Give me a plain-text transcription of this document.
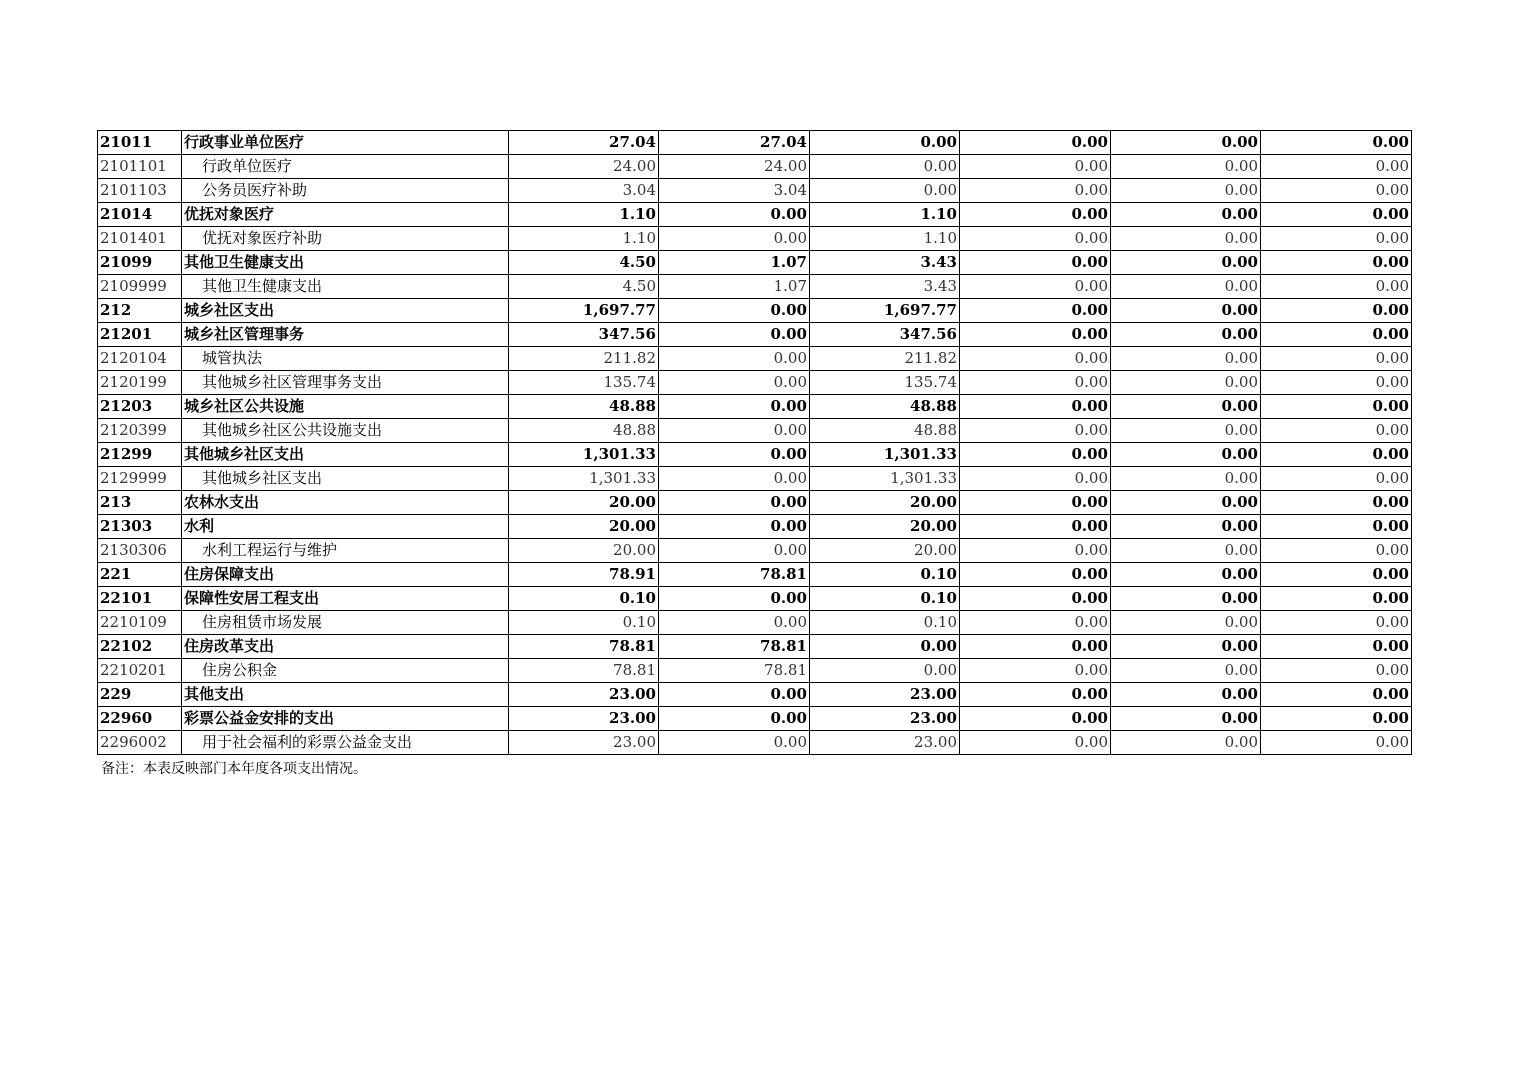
21011	行政事业单位医疗	27.04	27.04	0.00	0.00	0.00	0.00
2101101	行政单位医疗	24.00	24.00	0.00	0.00	0.00	0.00
2101103	公务员医疗补助	3.04	3.04	0.00	0.00	0.00	0.00
21014	优抚对象医疗	1.10	0.00	1.10	0.00	0.00	0.00
2101401	优抚对象医疗补助	1.10	0.00	1.10	0.00	0.00	0.00
21099	其他卫生健康支出	4.50	1.07	3.43	0.00	0.00	0.00
2109999	其他卫生健康支出	4.50	1.07	3.43	0.00	0.00	0.00
212	城乡社区支出	1,697.77	0.00	1,697.77	0.00	0.00	0.00
21201	城乡社区管理事务	347.56	0.00	347.56	0.00	0.00	0.00
2120104	城管执法	211.82	0.00	211.82	0.00	0.00	0.00
2120199	其他城乡社区管理事务支出	135.74	0.00	135.74	0.00	0.00	0.00
21203	城乡社区公共设施	48.88	0.00	48.88	0.00	0.00	0.00
2120399	其他城乡社区公共设施支出	48.88	0.00	48.88	0.00	0.00	0.00
21299	其他城乡社区支出	1,301.33	0.00	1,301.33	0.00	0.00	0.00
2129999	其他城乡社区支出	1,301.33	0.00	1,301.33	0.00	0.00	0.00
213	农林水支出	20.00	0.00	20.00	0.00	0.00	0.00
21303	水利	20.00	0.00	20.00	0.00	0.00	0.00
2130306	水利工程运行与维护	20.00	0.00	20.00	0.00	0.00	0.00
221	住房保障支出	78.91	78.81	0.10	0.00	0.00	0.00
22101	保障性安居工程支出	0.10	0.00	0.10	0.00	0.00	0.00
2210109	住房租赁市场发展	0.10	0.00	0.10	0.00	0.00	0.00
22102	住房改革支出	78.81	78.81	0.00	0.00	0.00	0.00
2210201	住房公积金	78.81	78.81	0.00	0.00	0.00	0.00
229	其他支出	23.00	0.00	23.00	0.00	0.00	0.00
22960	彩票公益金安排的支出	23.00	0.00	23.00	0.00	0.00	0.00
2296002	用于社会福利的彩票公益金支出	23.00	0.00	23.00	0.00	0.00	0.00
备注：本表反映部门本年度各项支出情况。
